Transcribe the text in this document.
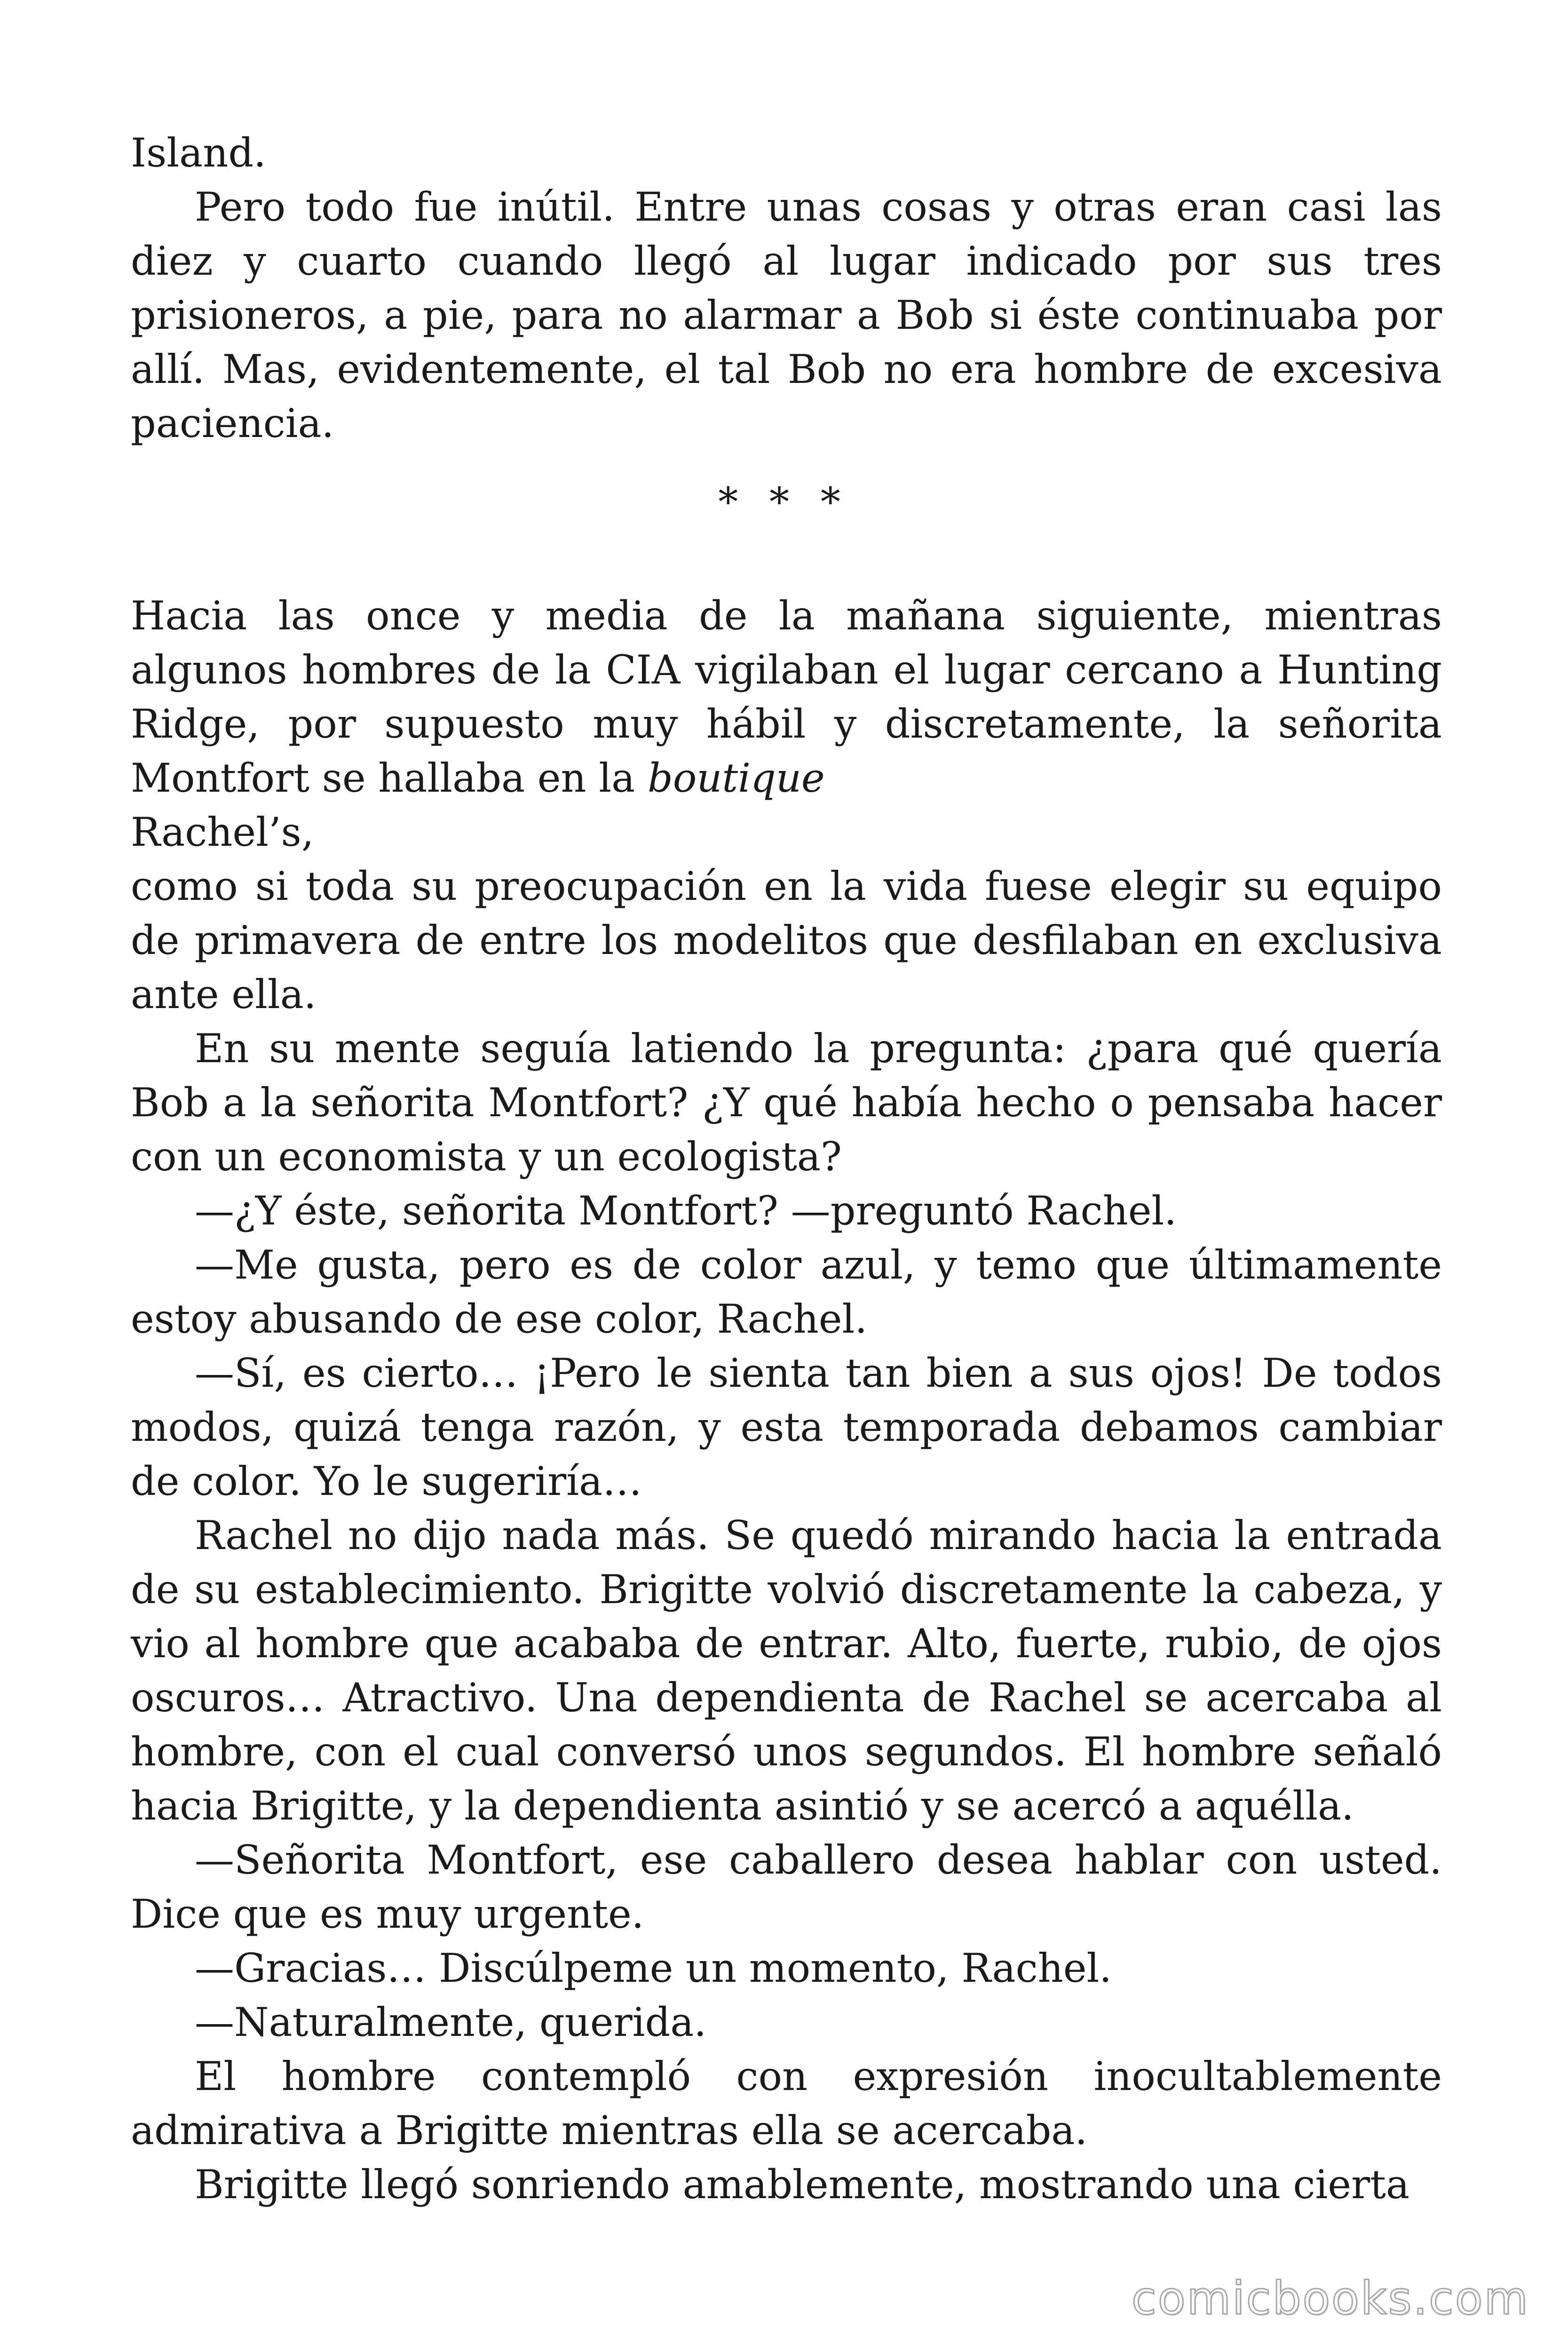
Island.

Pero todo fue inútil. Entre unas cosas y otras eran casi las diez y cuarto cuando llegó al lugar indicado por sus tres prisioneros, a pie, para no alarmar a Bob si éste continuaba por allí. Mas, evidentemente, el tal Bob no era hombre de excesiva paciencia.

* * *

Hacia las once y media de la mañana siguiente, mientras algunos hombres de la CIA vigilaban el lugar cercano a Hunting Ridge, por supuesto muy hábil y discretamente, la señorita Montfort se hallaba en la boutique

Rachel’s,

como si toda su preocupación en la vida fuese elegir su equipo de primavera de entre los modelitos que desfilaban en exclusiva ante ella.

En su mente seguía latiendo la pregunta: ¿para qué quería Bob a la señorita Montfort? ¿Y qué había hecho o pensaba hacer con un economista y un ecologista?

—¿Y éste, señorita Montfort? —preguntó Rachel.

—Me gusta, pero es de color azul, y temo que últimamente estoy abusando de ese color, Rachel.

—Sí, es cierto… ¡Pero le sienta tan bien a sus ojos! De todos modos, quizá tenga razón, y esta temporada debamos cambiar de color. Yo le sugeriría…

Rachel no dijo nada más. Se quedó mirando hacia la entrada de su establecimiento. Brigitte volvió discretamente la cabeza, y vio al hombre que acababa de entrar. Alto, fuerte, rubio, de ojos oscuros… Atractivo. Una dependienta de Rachel se acercaba al hombre, con el cual conversó unos segundos. El hombre señaló hacia Brigitte, y la dependienta asintió y se acercó a aquélla.

—Señorita Montfort, ese caballero desea hablar con usted. Dice que es muy urgente.

—Gracias… Discúlpeme un momento, Rachel.

—Naturalmente, querida.

El hombre contempló con expresión inocultablemente admirativa a Brigitte mientras ella se acercaba.

Brigitte llegó sonriendo amablemente, mostrando una cierta

comicbooks.com
